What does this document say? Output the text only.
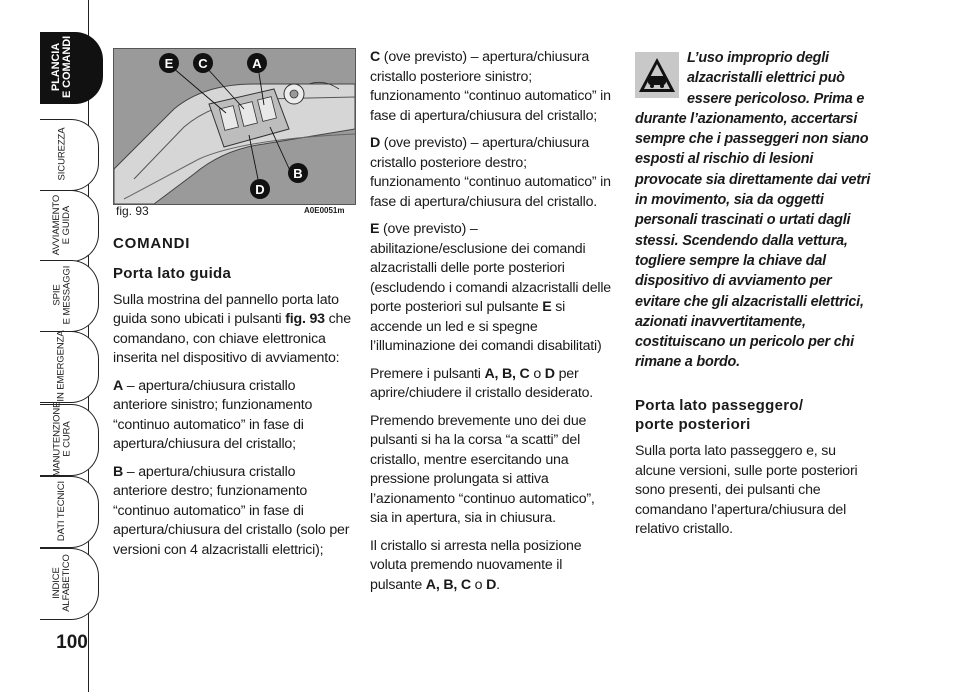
PLANCIA
E COMANDI
SICUREZZA
AVVIAMENTO
E GUIDA
SPIE
E MESSAGGI
IN EMERGENZA
MANUTENZIONE
E CURA
DATI TECNICI
INDICE
ALFABETICO
100
E C	A
B
D
fig. 93	A0E0051m
COMANDI
Porta lato guida

Sulla mostrina del pannello porta lato guida sono ubicati i pulsanti fig. 93 che comandano, con chiave elettronica inserita nel dispositivo di avviamento:

A – apertura/chiusura cristallo anteriore sinistro; funzionamento “continuo automatico” in fase di apertura/chiusura del cristallo;

B – apertura/chiusura cristallo anteriore destro; funzionamento “continuo automatico” in fase di apertura/chiusura del cristallo (solo per versioni con 4 alzacristalli elettrici);

C (ove previsto) – apertura/chiusura cristallo posteriore sinistro; funzionamento “continuo automatico” in fase di apertura/chiusura del cristallo;

D (ove previsto) – apertura/chiusura cristallo posteriore destro; funzionamento “continuo automatico” in fase di apertura/chiusura del cristallo.

E (ove previsto) – abilitazione/esclusione dei comandi alzacristalli delle porte posteriori (escludendo i comandi alzacristalli delle porte posteriori sul pulsante E si accende un led e si spegne l’illuminazione dei comandi disabilitati)

Premere i pulsanti A, B, C o D per aprire/chiudere il cristallo desiderato.

Premendo brevemente uno dei due pulsanti si ha la corsa “a scatti” del cristallo, mentre esercitando una pressione prolungata si attiva l’azionamento “continuo automatico”, sia in apertura, sia in chiusura.

Il cristallo si arresta nella posizione voluta premendo nuovamente il pulsante A, B, C o D.

L’uso improprio degli alzacristalli elettrici può essere pericoloso. Prima e durante l’azionamento, accertarsi sempre che i passeggeri non siano esposti al rischio di lesioni provocate sia direttamente dai vetri in movimento, sia da oggetti personali trascinati o urtati dagli stessi. Scendendo dalla vettura, togliere sempre la chiave dal dispositivo di avviamento per evitare che gli alzacristalli elettrici, azionati inavvertitamente, costituiscano un pericolo per chi rimane a bordo.
Porta lato passeggero/
porte posteriori

Sulla porta lato passeggero e, su alcune versioni, sulle porte posteriori sono presenti, dei pulsanti che comandano l’apertura/chiusura del relativo cristallo.
